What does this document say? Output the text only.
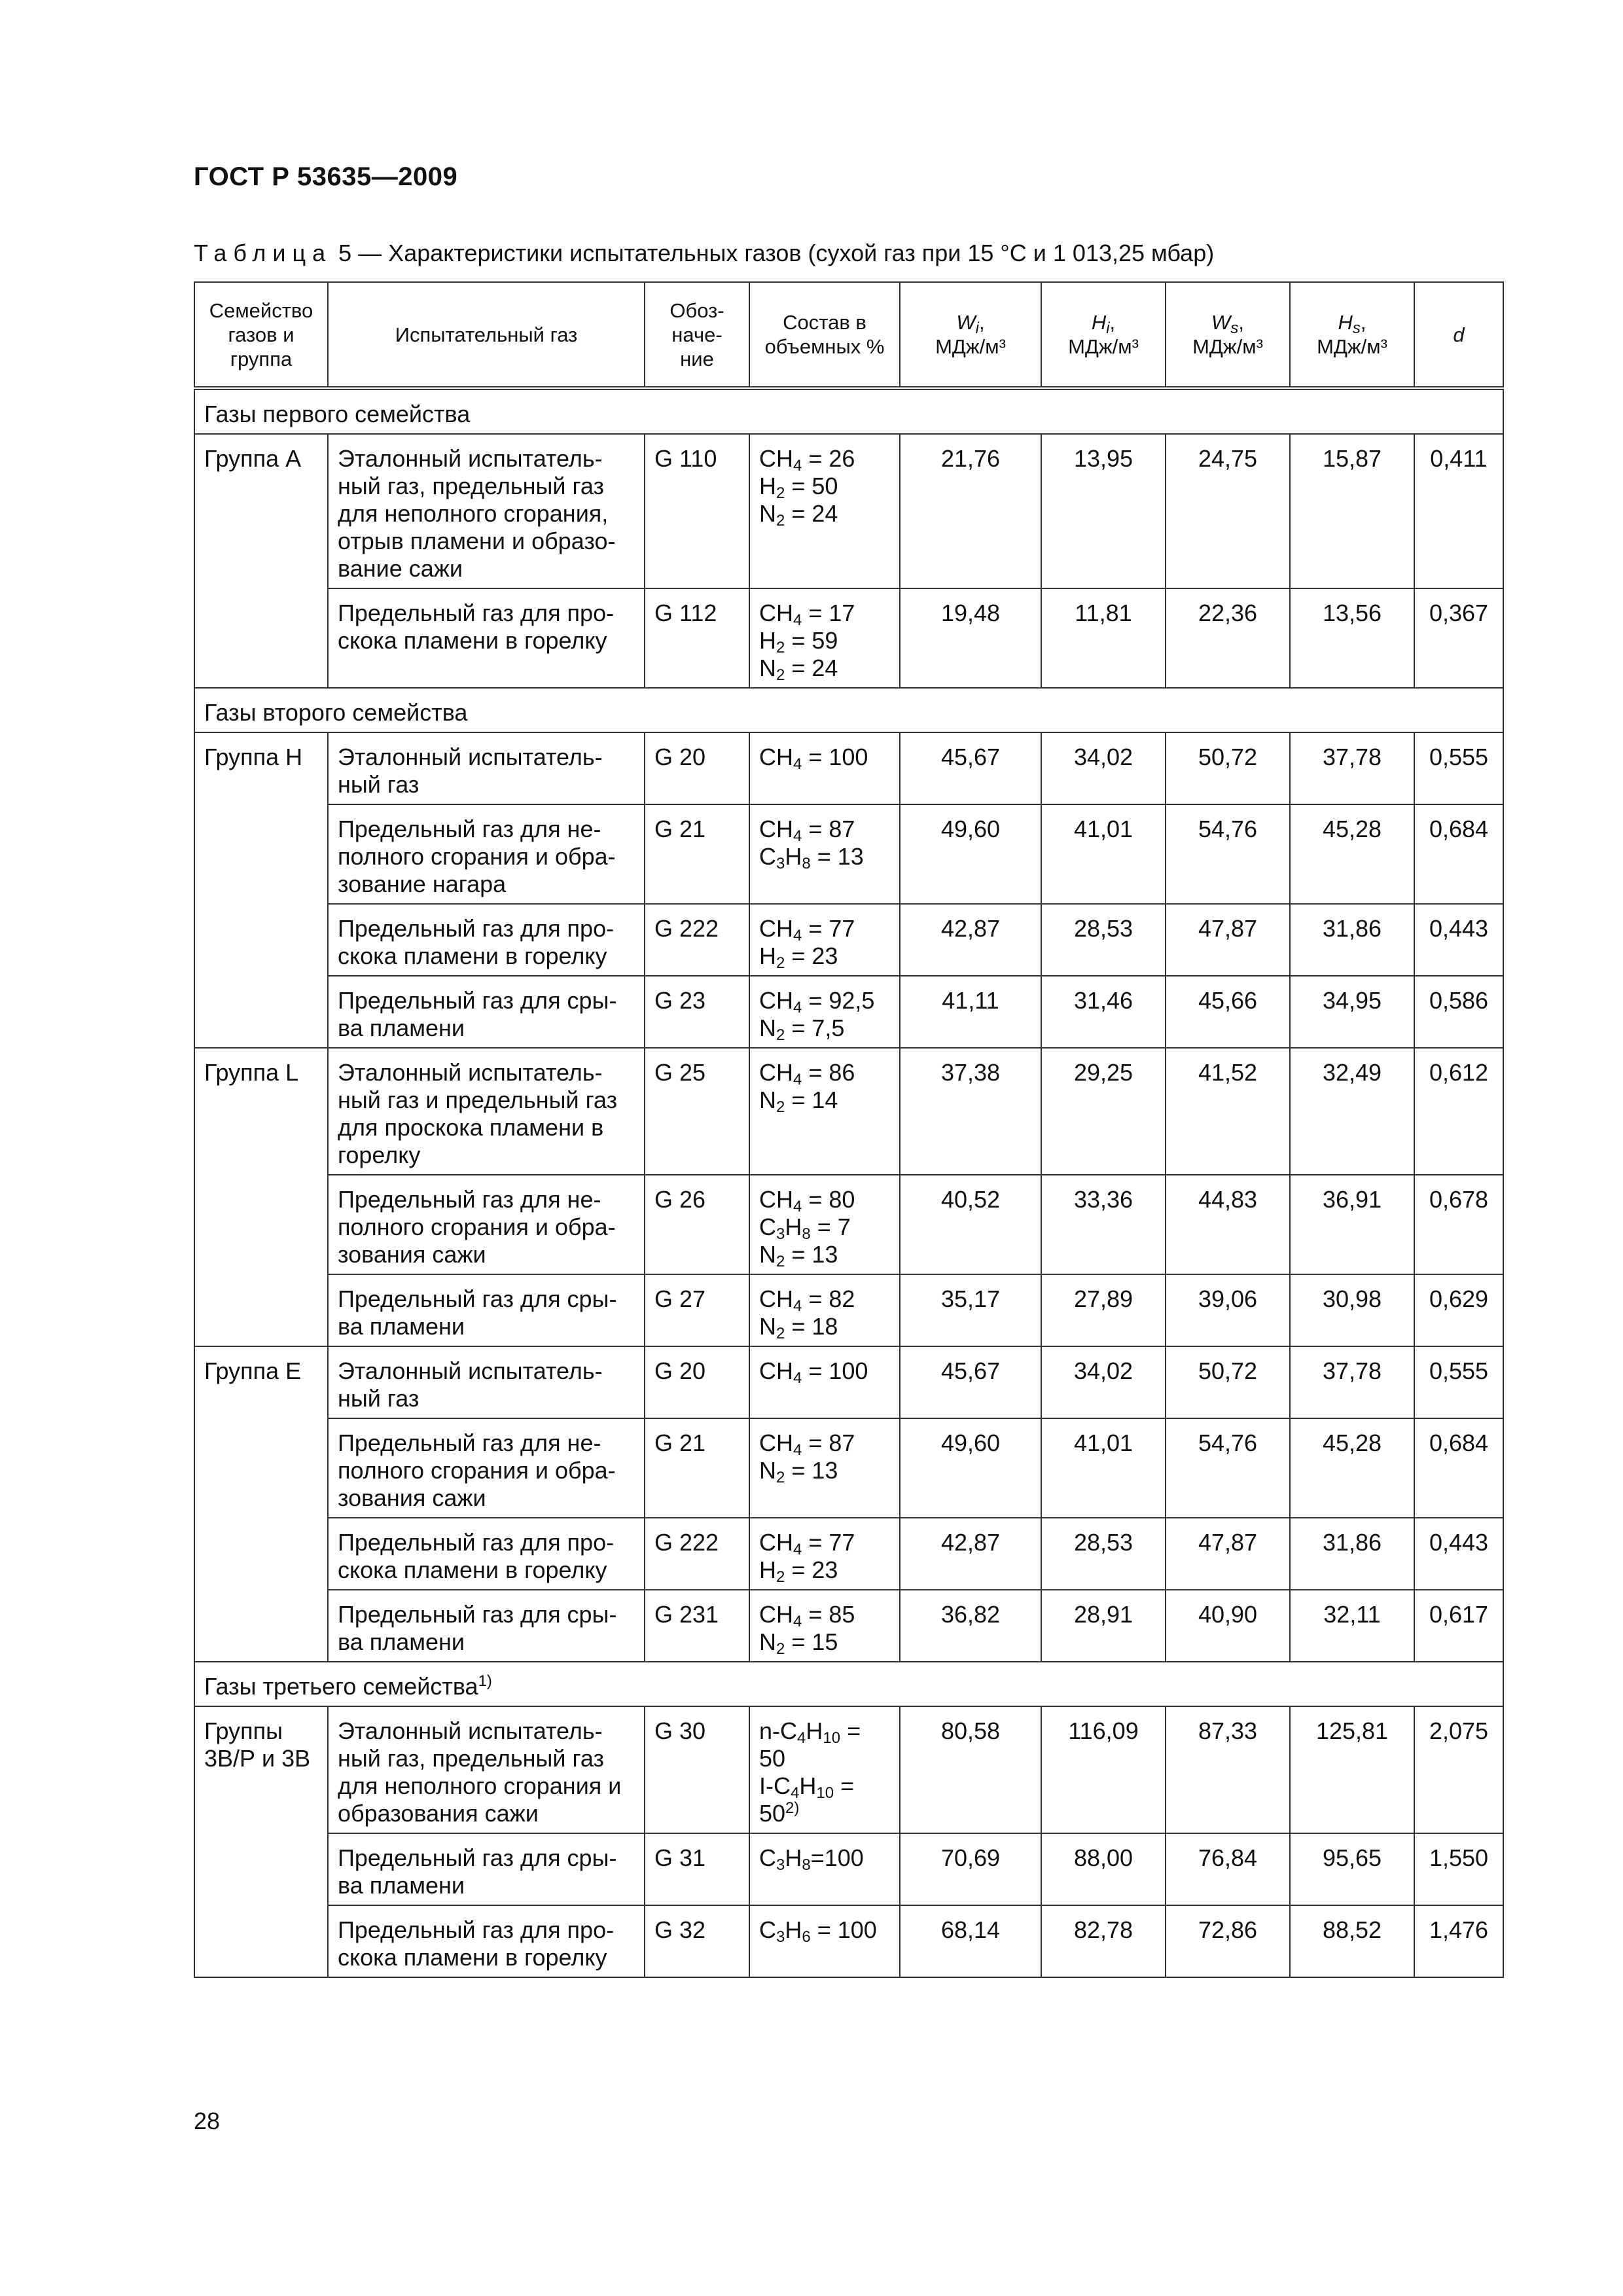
ГОСТ Р 53635—2009
Таблица 5 — Характеристики испытательных газов (сухой газ при 15 °С и 1 013,25 мбар)
Семейство
газов и
группа	Испытательный газ	Обоз-
наче-
ние	Состав в
объемных %	$W_i$,
МДж/м³	$H_i$,
МДж/м³	$W_s$,
МДж/м³	$H_s$,
МДж/м³	d
Газы первого семейства								
Группа А	Эталонный испытатель-
ный газ, предельный газ
для неполного сгорания,
отрыв пламени и образо-
вание сажи	G 110	$CH_4 = 26$
$H_2 = 50$
$N_2 = 24$	21,76	13,95	24,75	15,87	0,411

	Предельный газ для про-
скока пламени в горелку	G 112	$CH_4 = 17$
$H_2 = 59$
$N_2 = 24$	19,48	11,81	22,36	13,56	0,367
Газы второго семейства								
Группа Н	Эталонный испытатель-
ный газ	G 20	$CH_4 = 100$	45,67	34,02	50,72	37,78	0,555

	Предельный газ для не-
полного сгорания и обра-
зование нагара	G 21	$CH_4 = 87$
$C_3H_8 = 13$	49,60	41,01	54,76	45,28	0,684

	Предельный газ для про-
скока пламени в горелку	G 222	$CH_4 = 77$
$H_2 = 23$	42,87	28,53	47,87	31,86	0,443

	Предельный газ для сры-
ва пламени	G 23	$CH_4 = 92,5$
$N_2 = 7,5$	41,11	31,46	45,66	34,95	0,586
Группа L	Эталонный испытатель-
ный газ и предельный газ
для проскока пламени в
горелку	G 25	$CH_4 = 86$
$N_2 = 14$	37,38	29,25	41,52	32,49	0,612

	Предельный газ для не-
полного сгорания и обра-
зования сажи	G 26	$CH_4 = 80$
$C_3H_8 = 7$
$N_2 = 13$	40,52	33,36	44,83	36,91	0,678

	Предельный газ для сры-
ва пламени	G 27	$CH_4 = 82$
$N_2 = 18$	35,17	27,89	39,06	30,98	0,629
Группа Е	Эталонный испытатель-
ный газ	G 20	$CH_4 = 100$	45,67	34,02	50,72	37,78	0,555

	Предельный газ для не-
полного сгорания и обра-
зования сажи	G 21	$CH_4 = 87$
$N_2 = 13$	49,60	41,01	54,76	45,28	0,684

	Предельный газ для про-
скока пламени в горелку	G 222	$CH_4 = 77$
$H_2 = 23$	42,87	28,53	47,87	31,86	0,443

	Предельный газ для сры-
ва пламени	G 231	$CH_4 = 85$
$N_2 = 15$	36,82	28,91	40,90	32,11	0,617
Газы третьего семейства$^{1)}$

Группы
3В/Р и 3В	Эталонный испытатель-
ный газ, предельный газ
для неполного сгорания и
образования сажи	G 30	$n-C_4H_{10}$ =
50
$I-C_4H_{10}$ =
$50^{2)}$	80,58	116,09	87,33	125,81	2,075

	Предельный газ для сры-
ва пламени	G 31	$C_3H_8=100$	70,69	88,00	76,84	95,65	1,550

	Предельный газ для про-
скока пламени в горелку	G 32	$C_3H_6 = 100$	68,14	82,78	72,86	88,52	1,476
28
